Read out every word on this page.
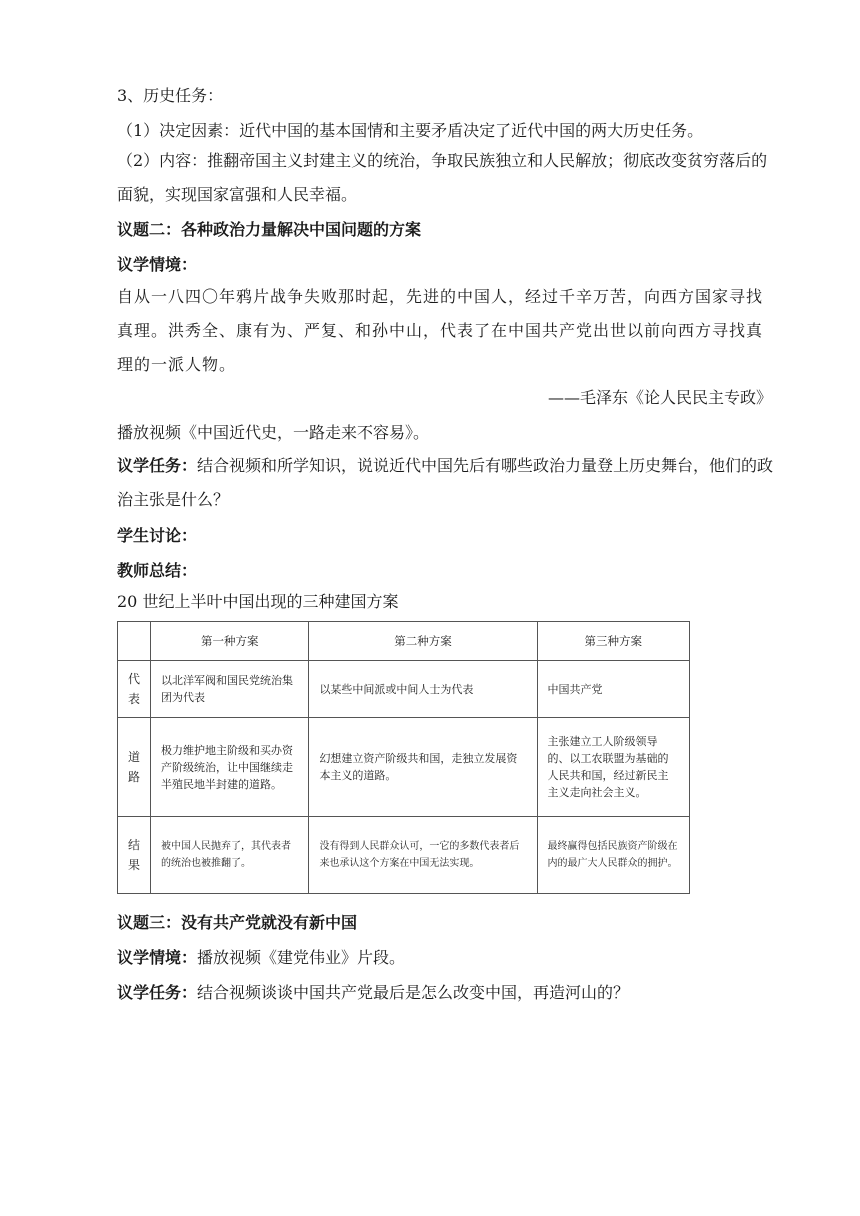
3、历史任务：
（1）决定因素：近代中国的基本国情和主要矛盾决定了近代中国的两大历史任务。
（2）内容：推翻帝国主义封建主义的统治，争取民族独立和人民解放；彻底改变贫穷落后的面貌，实现国家富强和人民幸福。
议题二：各种政治力量解决中国问题的方案
议学情境：
自从一八四〇年鸦片战争失败那时起，先进的中国人，经过千辛万苦，向西方国家寻找真理。洪秀全、康有为、严复、和孙中山，代表了在中国共产党出世以前向西方寻找真理的一派人物。
——毛泽东《论人民民主专政》
播放视频《中国近代史，一路走来不容易》。
议学任务：结合视频和所学知识，说说近代中国先后有哪些政治力量登上历史舞台，他们的政治主张是什么？
学生讨论：
教师总结：
20 世纪上半叶中国出现的三种建国方案
	第一种方案	第二种方案	第三种方案
代
表	以北洋军阀和国民党统治集团为代表	以某些中间派或中间人士为代表	中国共产党
道
路	极力维护地主阶级和买办资产阶级统治，让中国继续走半殖民地半封建的道路。	幻想建立资产阶级共和国，走独立发展资本主义的道路。	主张建立工人阶级领导的、以工农联盟为基础的人民共和国，经过新民主主义走向社会主义。
结
果	被中国人民抛弃了，其代表者的统治也被推翻了。	没有得到人民群众认可，一它的多数代表者后来也承认这个方案在中国无法实现。	最终赢得包括民族资产阶级在内的最广大人民群众的拥护。
议题三：没有共产党就没有新中国
议学情境：播放视频《建党伟业》片段。
议学任务：结合视频谈谈中国共产党最后是怎么改变中国，再造河山的？
